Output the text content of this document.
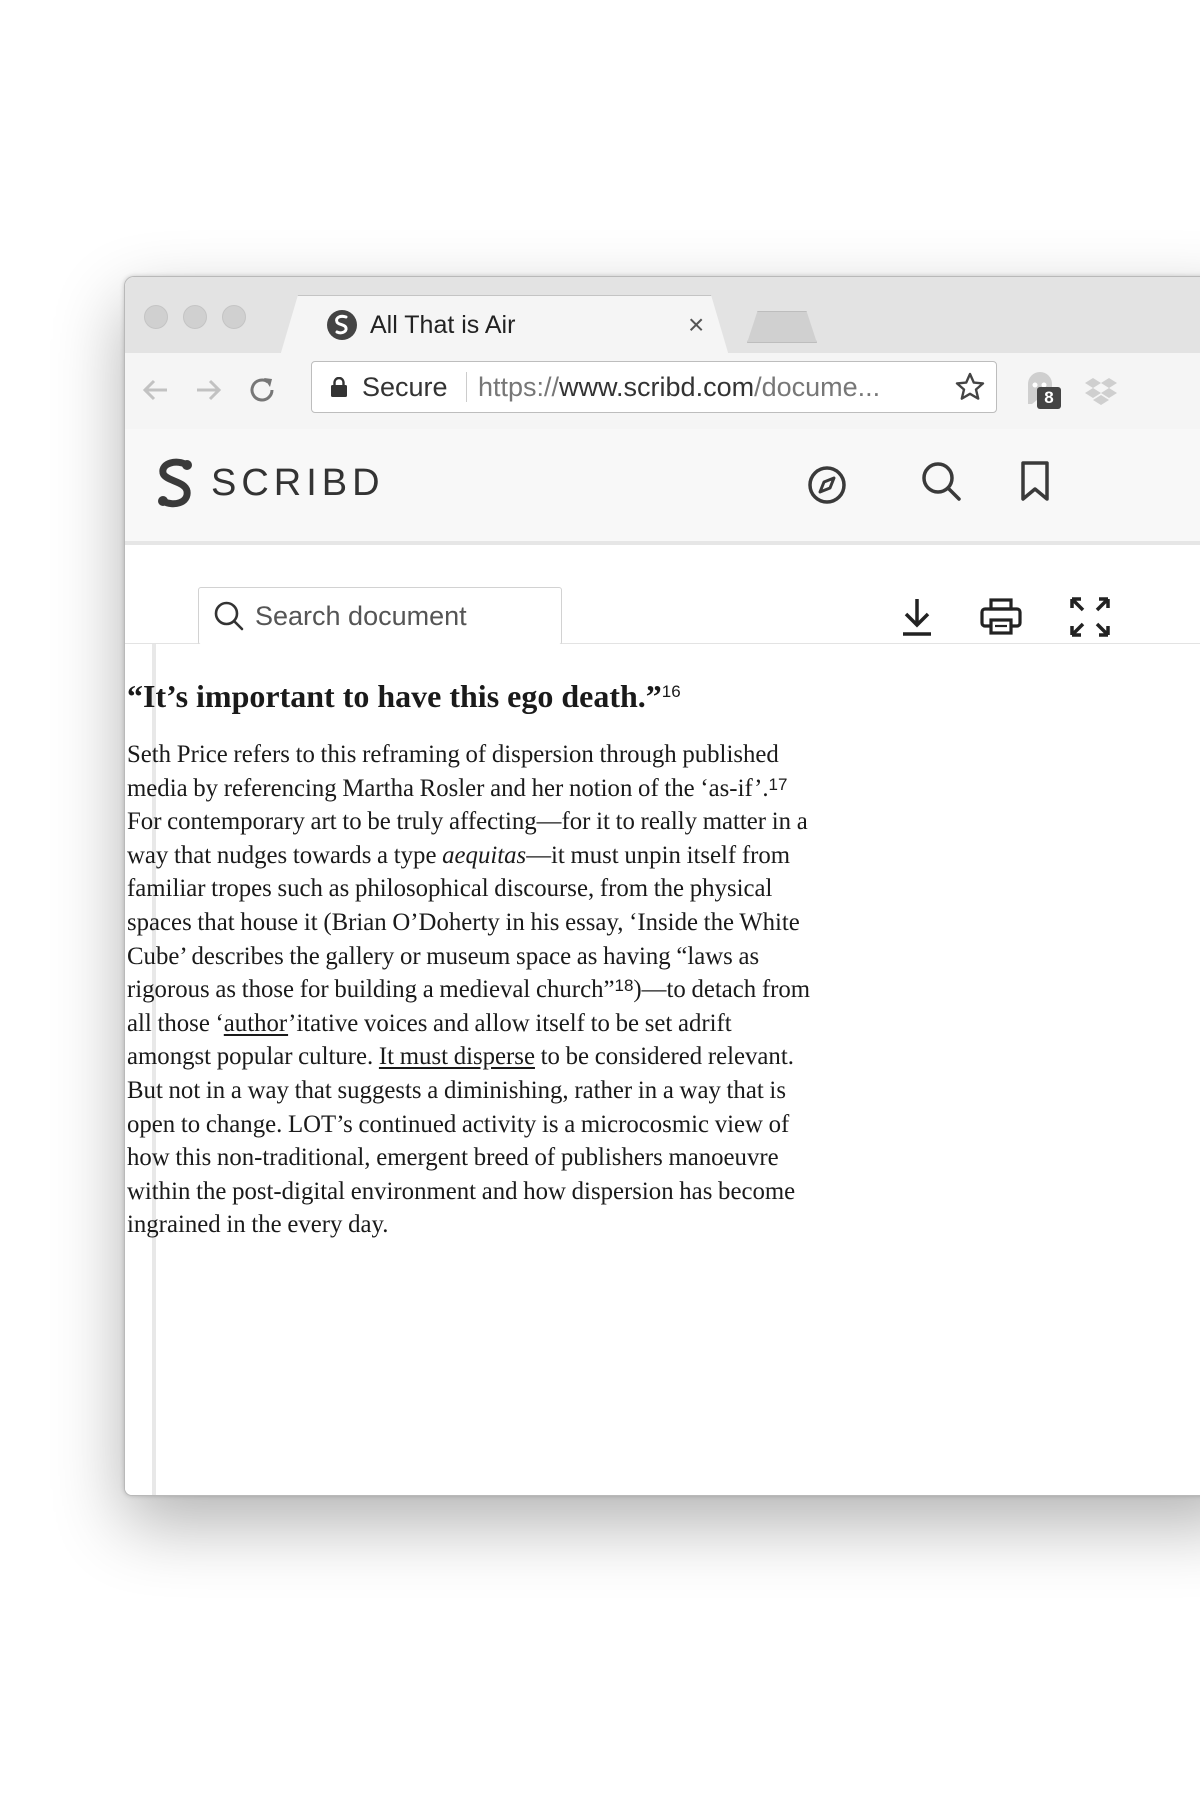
All That is Air	×
Secure https://www.scribd.com/docume...	8
SCRIBD
Search document
“It’s important to have this ego death.”$^{16}$

Seth Price refers to this reframing of dispersion through published
media by referencing Martha Rosler and her notion of the ‘as-if’.$^{17}$
For contemporary art to be truly affecting—for it to really matter in a
way that nudges towards a type aequitas—it must unpin itself from
familiar tropes such as philosophical discourse, from the physical
spaces that house it (Brian O’Doherty in his essay, ‘Inside the White
Cube’ describes the gallery or museum space as having “laws as
rigorous as those for building a medieval church”$^{18}$)—to detach from
all those ‘author’itative voices and allow itself to be set adrift
amongst popular culture. It must disperse to be considered relevant.
But not in a way that suggests a diminishing, rather in a way that is
open to change. LOT’s continued activity is a microcosmic view of
how this non-traditional, emergent breed of publishers manoeuvre
within the post-digital environment and how dispersion has become
ingrained in the every day.
